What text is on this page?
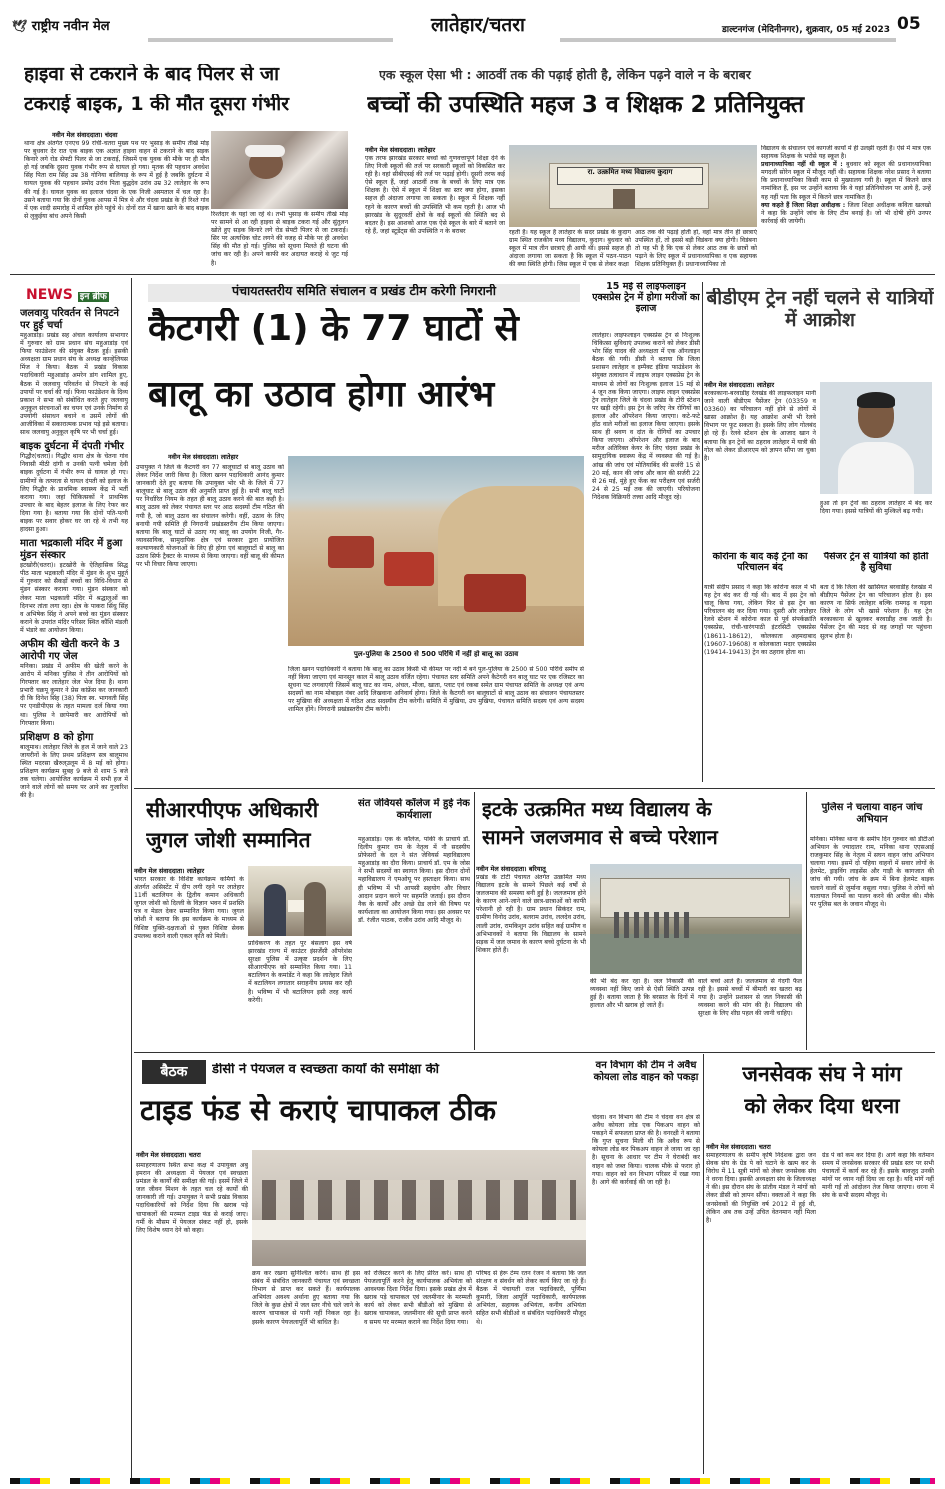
🕊 राष्ट्रीय नवीन मेल	लातेहार/चतरा	डाल्टनगंज (मेदिनीनगर), शुक्रवार, 05 मई 2023 05
हाइवा से टकराने के बाद पिलर से जा
टकराई बाइक, 1 की मौत दूसरा गंभीर
नवीन मेल संवाददाता। चंदवा
थाना क्षेत्र अंतर्गत एनएच 99 रांची-चतरा मुख्य पथ पर भुसाड़ के समीप तीखे मोड़ पर बुधवार देर रात एक बाइक एक अज्ञात हाइवा वाहन से टकराने के बाद सड़क किनारे लगे रोड सेफ्टी पिलर से जा टकराई, जिसमें एक युवक की मौके पर ही मौत हो गई जबकि दूसरा युवक गंभीर रूप से घायल हो गया। मृतक की पहचान अवधेश सिंह पिता राम सिंह उम्र 38 गोनिया बालियाड़ के रूप में हुई है जबकि दुर्घटना में घायल युवक की पहचान प्रमोद उरांव पिता बुद्धदेव उरांव उम्र 32 लातेहार के रूप की गई है। घायल युवक का इलाज चंदवा के एक निजी अस्पताल में चल रहा है। उसने बताया गया कि दोनों युवक आपस में मित्र थे और चंदवा प्रखंड के ही रिश्ते गांव में एक शादी समारोह में शामिल होने पहुंचे थे। दोनों रात में खाना खाने के बाद बाइक से लुकुईया बांध अपने किसी	रिश्तेदार के यहां जा रहे थे। तभी भुसाड़ के समीप तीखे मोड़ पर सामने से आ रही हाइवा से बाइक टकरा गई और सुंतुलन खोते हुए सड़क किनारे लगे रोड सेफ्टी पिलर से जा टकराई। सिर पर अत्यधिक चोट लगने की वजह से मौके पर ही अवधेश सिंह की मौत हो गई। पुलिस को सूचना मिलते ही घटना की जांच कर रही है। अपने काफी कर अदायत कराहे थे जुट गई है।
एक स्कूल ऐसा भी : आठवीं तक की पढ़ाई होती है, लेकिन पढ़ने वाले न के बराबर
बच्चों की उपस्थिति महज 3 व शिक्षक 2 प्रतिनियुक्त
नवीन मेल संवाददाता। लातेहार
एक तरफ झारखंड सरकार बच्चों को गुणवत्तापूर्ण शिक्षा देने के लिए निजी स्कूलों की तर्ज पर सरकारी स्कूलों को विकसित कर रही है। वहां सीबीएसई की तर्ज पर पढ़ाई होगी। दूसरी तरफ कई ऐसे स्कूल हैं, जहां आठवीं तक के बच्चों के लिए मात्र एक शिक्षक है। ऐसे में स्कूल में शिक्षा का स्तर क्या होगा, इसका सहज ही अंदाजा लगाया जा सकता है। स्कूल में शिक्षक नहीं रहने के कारण बच्चों की उपस्थिति भी कम रहती है। आज भी झारखंड के सुदूरवर्ती क्षेत्रों के कई स्कूलों की स्थिति बद से बदतर है। इस आशको आज एक ऐसे स्कूल के बारे में बताने जा रहे हैं, जहां स्टूडेंट्स की उपस्थिति न के बराबर
रा. उत्क्रमित मध्य विद्यालय कुदाग
रहती है। यह स्कूल है लातेहार के सदर प्रखंड के कुदाग ग्राम स्थित राजकीय मध्य विद्यालय, कुदाग। बुधवार को स्कूल में मात्र तीन छात्राएं ही आयी थीं। इससे सहज ही अंदाजा लगाया जा सकता है कि स्कूल में पठन-पाठन की क्या स्थिति होगी। जिस स्कूल में एक से लेकर कक्षा
आठ तक की पढ़ाई होती हो, वहां मात्र तीन ही छात्राएं उपस्थित हों, तो इससे बड़ी विडंबना क्या होगी। विडंबना तो यह भी है कि एक से लेकर आठ तक के छात्रों को पढ़ाने के लिए स्कूल में प्रधानाध्यापिका व एक सहायक शिक्षक प्रतिनियुक्त हैं। प्रधानाध्यापिका तो
विद्यालय के संचालन एवं कागजी कार्यों में ही उलझी रहती हैं। ऐसे में मात्र एक सहायक शिक्षक के भरोसे यह स्कूल है।
प्रधानाध्यापिका नहीं थी स्कूल में : बुधवार को स्कूल की प्रधानाध्यापिका मगदली सोरेन स्कूल में मौजूद नहीं थी। सहायक शिक्षक नरेश प्रसाद ने बताया कि प्रधानाध्यापिका किसी काम से मुख्यालय गयी है। स्कूल में कितने छात्र नामांकित हैं, इस पर उन्होंने बताया कि वे यहां प्रतिनियोजन पर आये हैं, उन्हें यह नहीं पता कि स्कूल में कितने छात्र नामांकित हैं।
क्या कहते हैं जिला शिक्षा अधीक्षक : जिला शिक्षा अधीक्षक कविता खलखो ने कहा कि उन्होंने जांच के लिए टीम बनाई है। जो भी दोषी होंगे उनपर कार्रवाई की जायेगी।
NEWS इन ब्रीफ
जलवायु परिवर्तन से निपटने पर हुई चर्चा
महुआडांड़। प्रखंड सह अंचल कार्यालय सभागार में गुरुवार को ग्राम प्रधान संघ महुआडांड़ एवं फिया फाउंडेशन की संयुक्त बैठक हुई। इसकी अध्यक्षता ग्राम प्रधान संघ के अध्यक्ष कान्हेलियस मिंज ने किया। बैठक में प्रखंड विकास पदाधिकारी महुआडांड़ अमरेन डांग शामिल हुए, बैठक में जलवायु परिवर्तन से निपटने के कई उपायों पर चर्चा की गई। फिया फाउंडेशन के दिव्य प्रकाश ने सभा को संबोधित करते हुए जलवायु अनुकूल संरचनाओं का चयन एवं उनके निर्माण से उपयोगी संसाधन बचाने व उसमें लोगों की आजीविका में सकारात्मक प्रभाव पड़े इसे बताया। साथ जलवायु अनुकूल कृषि पर भी चर्चा हुई।
बाइक दुर्घटना में दंपती गंभीर
गिद्धौर(चतरा)। गिद्धौर थाना क्षेत्र के चेतना गांव निवासी मीठी दांगी व उनकी पत्नी चमेला देवी बाइक दुर्घटना में गंभीर रूप से घायल हो गए। ग्रामीणों के तत्परता से घायल दंपती को इलाज के लिए गिद्धौर के प्राथमिक स्वास्थ्य केंद्र में भर्ती कराया गया। जहां चिकित्सकों ने प्राथमिक उपचार के बाद बेहतर इलाज के लिए रेफर कर दिया गया है। बताया गया कि दोनों पति-पत्नी बाइक पर सवार होकर घर जा रहे थे तभी यह हादसा हुआ।
माता भद्रकाली मंदिर में हुआ मुंडन संस्कार
इटखोरी(चतरा)। इटखोरी के ऐतिहासिक सिद्ध पीठ माता भद्रकाली मंदिर में मुंडन के शुभ मुहूर्त में गुरुवार को सैकड़ों बच्चों का विधि-विधान से मुंडन संस्कार कराया गया। मुंडन संस्कार को लेकर माता भद्रकाली मंदिर में श्रद्धालुओं का दिनभर तांता लगा रहा। क्षेत्र के पाकरा सिंधु सिंह व अभिषेक सिंह ने अपने बच्चे का मुंडन संस्कार कराने के उपरांत मंदिर परिसर स्थित कौशि मंडली में भंडारे का आयोजन किया।
अफीम की खेती करने के 3 आरोपी गए जेल
मनिका। प्रखंड में अफीम की खेती करने के आरोप में मनिका पुलिस ने तीन आरोपियों को गिरफ्तार कर लातेहार जेल भेज दिया है। थाना प्रभारी चक्रपू कुमार ने प्रेस कांफ्रेंस कर जानकारी दी कि दिनेश सिंह (38) पिता स्व. भागवती सिंह पर एनडीपीएस के तहत मामला दर्ज किया गया था। पुलिस ने छापेमारी कर आरोपियों को गिरफ्तार किया।
प्रशिक्षण 8 को होगा
बालूमाथ। लातेहार जिले के हज में जाने वाले 23 जायरीनों के लिए प्रथम प्रशिक्षण सत्र बालूमाथ स्थित मदरसा खैरुल्उलूम में 8 मई को होगा। प्रशिक्षण कार्यक्रम सुबह 9 बजे से शाम 5 बजे तक चलेगा। आयोजित कार्यक्रम में सभी हज में जाने वाले लोगों को समय पर आने का गुजारिश की है।
पंचायतस्तरीय समिति संचालन व प्रखंड टीम करेगी निगरानी
कैटगरी (1) के 77 घाटों से
बालू का उठाव होगा आरंभ
नवीन मेल संवाददाता। लातेहार
उपायुक्त ने जिले के कैटगरी वन 77 बालूघाटों से बालू उठाव को लेकर निर्देश जारी किया है। जिला खनन पदाधिकारी आनंद कुमार जानकारी देते हुए बताया कि उपायुक्त भोर भी के जिले में 77 बालूघाट से बालू उठाव की अनुमति प्राप्त हुई है। सभी बालू घाटों पर निर्धारित नियम के तहत ही बालू उठाव करने की बात कही है। बालू उठाव को लेकर पंचायत स्तर पर आठ सदस्यों टीम गठित की गयी है, जो बालू उठाव का संचालन करेगी। वहीं, उठाव के लिए बनायी गयी समिति ही निगरानी प्रखंडस्तरीय टीम किया जाएगा। बताया कि बालू घाटों से उठाए गए बालू का उपयोग निजी, गैर-व्यावसायिक, सामुदायिक क्षेत्र एवं सरकार द्वारा प्रायोजित कल्याणकारी योजनाओं के लिए ही होगा एवं बालूघाटों से बालू का उठाव सिर्फ ट्रैक्टर के माध्यम से किया जाएगा। वहीं बालू की कीमत पर भी विचार किया जाएगा।
पुल-पुलिया के 2500 से 500 परिधि में नहीं हो बालू का उठाव
जिला खनन पदाधिकारी ने बताया कि बालू का उठाव किसी भी कीमत पर नदी में बने पुल-पुलिया के 2500 से 500 परिधि समीप से नहीं किया जाएगा एवं मानसून काल में बालू उठाव वर्जित रहेगा। पंचायत स्तर समिति अपने कैटेगरी वन बालू घाट पर एक रजिस्टर का सूचना पट लगवाएगी जिसमें बालू घाट का नाम, अंचल, मौजा, खाता, प्लाट एवं रकबा समेत ग्राम पंचायत समिति के अध्यक्ष एवं अन्य सदस्यों का नाम मोबाइल नंबर आदि लिखवाना अनिवार्य होगा। जिले के कैटगरी वन बालूघाटों से बालू उठाव का संचालन पंचायतस्तर पर मुखिया की अध्यक्षता में गठित आठ सदस्यीय टीम करेगी। समिति में मुखिया, उप मुखिया, पंचायत समिति सदस्य एवं अन्य सदस्य शामिल होंगे। निगरानी प्रखंडस्तरीय टीम करेगी।
15 मई से लाइफलाइन एक्सप्रेस ट्रेन में होगा मरीजों का इलाज
लातेहार। लाइफलाइन एक्सप्रेस ट्रेन से निःशुल्क चिकित्सा सुविधाएं उपलब्ध कराने को लेकर डीसी भोर सिंह यादव की अध्यक्षता में एक ऑनलाइन बैठक की गयी। डीसी ने बताया कि जिला प्रशासन लातेहार व इम्पैक्ट इंडिया फाउंडेशन के संयुक्त तत्वाधान में लाइफ लाइन एक्सप्रेस ट्रेन के माध्यम से लोगों का निःशुल्क इलाज 15 मई से 4 जून तक किया जाएगा। लाइफ लाइन एक्सप्रेस ट्रेन लातेहार जिले के चंदवा प्रखंड के टोरी स्टेशन पर खड़ी रहेगी। इस ट्रेन के जरिए नेत्र रोगियों का इलाज और ऑपरेशन किया जाएगा। कटे-फटे होंठ वाले मरीजों का इलाज किया जाएगा। इसके साथ ही श्रवण व दांत के रोगियों का उपचार किया जाएगा। ऑपरेशन और इलाज के बाद मरीज अतिरिक्त केयर के लिए चंदवा प्रखंड के सामुदायिक स्वास्थ्य केंद्र में व्यवस्था की गई है। आंख की जांच एवं मोतियाबिंद की सर्जरी 15 से 20 मई, कान की जांच और कान की सर्जरी 22 से 26 मई, मुंहे हुए फेंक का परीक्षण एवं सर्जरी 24 से 25 मई तक की जाएगी। परियोजना निदेशक विक्रियरी तत्त्वा आदि मौजूद रहे।
बीडीएम ट्रेन नहीं चलने से यात्रियों में आक्रोश
नवीन मेल संवाददाता। लातेहार
बरकाकाना-बरवाडीह रेलखंड की लाइफलाइन मानी जाने वाली बीडीएम पैसेंजर ट्रेन (03359 व 03360) का परिचालन नहीं होने से लोगों में खासा आक्रोश है। यह आक्रोश अभी भी रेलवे विभाग पर फूट सकता है। इसके लिए लोग गोलबंद हो रहे हैं। रेलवे स्टेशन क्षेत्र के आजाद खान ने बताया कि इन ट्रेनों का ठहराव लातेहार में यात्री की गोल को लेकर डीआरएम को ज्ञापन सौंपा जा चुका है।
हुआ तो इन ट्रेनों का ठहराव लातेहार में बंद कर दिया गया। इससे यात्रियों की मुश्किलें बढ़ गयी।
कोरोना के बाद कई ट्रेनों का परिचालन बंद
यात्री संदीप प्रसाद ने कहा कि कोरोना काल में भी यह ट्रेन बंद कर दी गई थी। बाद में इस ट्रेन को चालू किया गया, लेकिन फिर से इस ट्रेन का परिचालन बंद कर दिया गया। दूसरी ओर लातेहार रेलवे स्टेशन में कोरोना काल से पूर्व संपर्कक्रांति एक्सप्रेस, रांची-चारंगपाठी इंटरसिटी एक्सप्रेस (18611-18612), कोलकाता अहमदाबाद (19607-19608) व कोलकाता मदार एक्सप्रेस (19414-19413) ट्रेन का ठहराव होता था।
पैसेंजर ट्रेन से यात्रियों को होती है सुविधा
बता दें कि जिला की खासियत बरवाडीह रेलखंड में बीडीएम पैसेंजर ट्रेन का परिचालन होता है। इस कारण ना सिर्फ लातेहार बल्कि रामगढ़ व गढ़वा जिले के लोग भी खासे परेशान हैं। यह ट्रेन बरकाकाना से खुलकर बरवाडीह तक जाती है। पैसेंजर ट्रेन की मदद से वह जगहों पर पहुंचना सुलभ होता है।
सीआरपीएफ अधिकारी
जुगल जोशी सम्मानित
नवीन मेल संवाददाता। लातेहार
भारत सरकार के विशिष्ट कार्यक्रम कर्मियों के अंतर्गत असिस्टेंट में दीप लगी रहने पर लातेहार 11वीं बटालियन के द्वितीय कमान अधिकारी जुगल जोशी को दिल्ली के विज्ञान भवन में प्रशस्ति पत्र व मेडल देकर सम्मानित किया गया। जुगल जोशी ने बताया कि इस कार्यक्रम के माध्यम से विशिष्ट युक्ति-दक्षताओं से युक्त विशिष्ट सेवक उपलब्ध कराने वाली एकल कृति को मिली।
प्राधिकरण के तहत पुर बंसलाग इस वर्ष झारखंड राज्य में काउंटर इंसर्जेंसी ऑपरेशंस सुरक्षा पुलिस में उत्कृष्ट प्रदर्शन के लिए सीआरपीएफ को सम्मानित किया गया। 11 बटालियन के कमांडेंट ने कहा कि लातेहार जिले में बटालियन लगातार सराहनीय प्रयास कर रही है। भविष्य में भी बटालियन इसी तरह कार्य करेगी।
संत जेवियर्स कॉलेज में हुई नेक कार्यशाला
महुआडांड़। एक के कॉलेज, पांकी के प्राचार्य डॉ. दिलीप कुमार राम के नेतृत्व में नौ सदस्यीय प्रोफेसरों के दल ने संत जेवियर्स महाविद्यालय महुआडांड़ का दौरा किया। प्राचार्य डॉ. एम के जोस ने सभी सदस्यों का स्वागत किया। इस दौरान दोनों महाविद्यालय ने एमओयू पर हस्ताक्षर किया। साथ ही भविष्य में भी आपसी सहयोग और विचार आदान प्रदान करने पर सहमति जताई। इस दौरान नैक के कार्यों और अच्छे ग्रेड लाने की विषय पर कार्यशाला का आयोजन किया गया। इस अवसर पर डॉ. रंजीत पाठक, राजीव उरांव आदि मौजूद थे।
इटके उत्क्रमित मध्य विद्यालय के
सामने जलजमाव से बच्चे परेशान
नवीन मेल संवाददाता। बरियातू
प्रखंड के टोटी पंचायत अंतर्गत उत्क्रमित मध्य विद्यालय इटके के सामने पिछले कई वर्षों से जलजमाव की समस्या बनी हुई है। जलजमाव होने के कारण आने-जाने वाले छात्र-छात्राओं को काफी परेशानी हो रही है। ग्राम प्रधान सिकंदर राम, ग्रामीण विनोद उरांव, बलराम उरांव, ललदेव उरांव, लाली उरांव, रामकिशुन उरांव सहित कई ग्रामीण व अभिभावकों ने बताया कि विद्यालय के सामने सड़क में जल जमाव के कारण बच्चे दुर्घटना के भी शिकार होते हैं।
की भी बंद कर रहा है। जल निकासी की व्यवस्था नहीं किए जाने से ऐसी स्थिति उत्पन्न हुई है। बताया जाता है कि बरसात के दिनों में हालात और भी खराब हो जाते हैं।
वाले बच्चे आते हैं। जलजमाव से गंदगी फैल रही है। इससे बच्चों में बीमारी का खतरा बढ़ गया है। उन्होंने प्रशासन से जल निकासी की व्यवस्था करने की मांग की है। विद्यालय की सुरक्षा के लिए शीघ्र पहल की जानी चाहिए।
पुलिस ने चलाया वाहन जांच अभियान
मनिका। मनिका थाना के समीप दिन गुरुवार को डीटीओ अभियान के ज्यादातर राम, मनिका थाना एएसआई राजकुमार सिंह के नेतृत्व में सघन वाहन जांच अभियान चलाया गया। इसमें दो पहिया वाहनों में सवार लोगों के हेलमेट, ड्राइविंग लाइसेंस और गाड़ी के कागजात की जांच की गयी। जांच के क्रम में बिना हेलमेट बाइक चलाने वालों से जुर्माना वसूला गया। पुलिस ने लोगों को यातायात नियमों का पालन करने की अपील की। मौके पर पुलिस बल के जवान मौजूद थे।
बैठक	डीसी ने पेयजल व स्वच्छता कार्यों की समीक्षा की
टाइड फंड से कराएं चापाकल ठीक
नवीन मेल संवाददाता। चतरा
समाहरणालय स्थित सभा कक्ष में उपायुक्त अबु इमरान की अध्यक्षता में पेयजल एवं स्वच्छता प्रमंडल के कार्यों की समीक्षा की गई। इसमें जिले में जल जीवन मिशन के तहत चल रहे कार्यों की जानकारी ली गई। उपायुक्त ने सभी प्रखंड विकास पदाधिकारियों को निर्देश दिया कि खराब पड़े चापाकलों की मरम्मत टाइड फंड से कराई जाए। गर्मी के मौसम में पेयजल संकट नहीं हो, इसके लिए विशेष ध्यान देने को कहा।
क्रय कर रखना सुनिश्चित करेंगे। साथ ही इस संबंध में संबंधित जानकारी पंचायत एवं स्वच्छता विभाग से प्राप्त कर सकते हैं। कार्यपालक अभियंता अवश्य अर्थाना हुए बताया गया कि जिले के कुछ क्षेत्रों में जल स्तर नीचे चले जाने के कारण चापाकल से पानी नहीं निकल रहा है। इसके कारण पेयजलापूर्ति भी बाधित है।
को रजिस्टर करने के लिए प्रेरित करें। साथ ही पेयजलापूर्ति करने हेतु कार्यपालक अभियंता को आवश्यक दिशा निर्देश दिया। इसके प्रखंड क्षेत्र में खराब पड़े चापाकल एवं जलमीनार के मरम्मती कार्य को लेकर सभी बीडीओ को मुखिया से खराब चापाकल, जलमीनार की सूची प्राप्त करने व समय पर मरम्मत कराने का निर्देश दिया गया।
परिषद से हेरू टेम्प रतन रंजन ने बताया कि जल संरक्षण व संवर्धन को लेकर कार्य किए जा रहे हैं। बैठक में पंचायती राज पदाधिकारी, पूर्णिमा कुमारी, जिला आपूर्ति पदाधिकारी, कार्यपालक अभियंता, सहायक अभियंता, कनीय अभियंता सहित सभी बीडीओ व संबंधित पदाधिकारी मौजूद थे।
वन विभाग की टीम ने अवैध कोयला लोड वाहन को पकड़ा
चंदवा। वन विभाग की टीम ने चंदवा वन क्षेत्र से अवैध कोयला लोड एक पिकअप वाहन को पकड़ने में सफलता प्राप्त की है। वनरक्षी ने बताया कि गुप्त सूचना मिली थी कि अवैध रूप से कोयला लोड कर पिकअप वाहन ले जाया जा रहा है। सूचना के आधार पर टीम ने घेराबंदी कर वाहन को जब्त किया। चालक मौके से फरार हो गया। वाहन को वन विभाग परिसर में रखा गया है। आगे की कार्रवाई की जा रही है।
जनसेवक संघ ने मांग
को लेकर दिया धरना
नवीन मेल संवाददाता। चतरा
समाहरणालय के समीप कृषि निदेशक द्वारा जन सेवक संघ के ग्रेड पे को घटाने के खत्म कर के विरोध में 11 सूत्री मांगों को लेकर जनसेवक संघ ने धरना दिया। इसकी अध्यक्षता संघ के जिलाध्यक्ष ने की। इस दौरान संघ के प्रांतीय मंडल ने मांगों को लेकर डीसी को ज्ञापन सौंपा। वक्ताओं ने कहा कि जनसेवकों की नियुक्ति वर्ष 2012 में हुई थी, लेकिन अब तक उन्हें उचित वेतनमान नहीं मिला है।
ग्रेड पे को कम कर दिया है। आगे कहा कि वर्तमान समय में जनसेवक सरकार की प्रखंड स्तर पर सभी पंचायतों में कार्य कर रहे हैं। इसके बावजूद उनकी मांगों पर ध्यान नहीं दिया जा रहा है। यदि मांगें नहीं मानी गईं तो आंदोलन तेज किया जाएगा। धरना में संघ के सभी सदस्य मौजूद थे।
